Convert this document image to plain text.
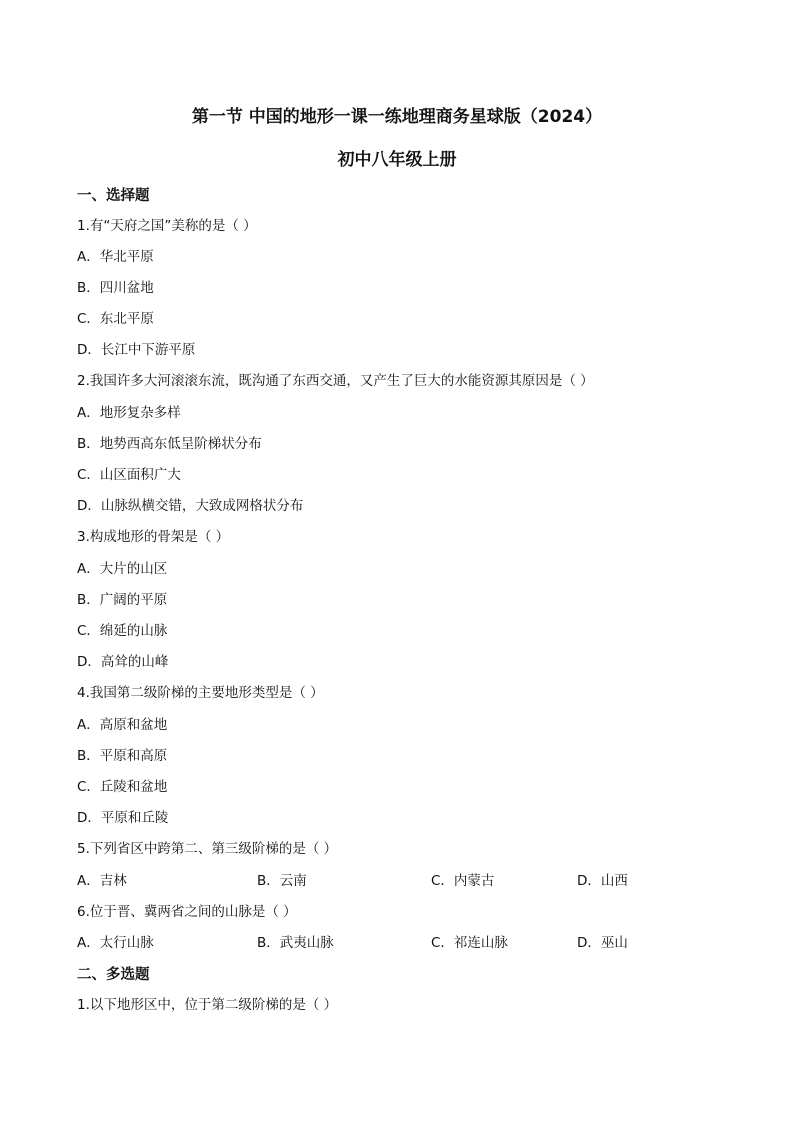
第一节 中国的地形一课一练地理商务星球版（2024）
初中八年级上册
一、选择题
1.有“天府之国”美称的是（ ）
A．华北平原
B．四川盆地
C．东北平原
D．长江中下游平原
2.我国许多大河滚滚东流，既沟通了东西交通，又产生了巨大的水能资源其原因是（ ）
A．地形复杂多样
B．地势西高东低呈阶梯状分布
C．山区面积广大
D．山脉纵横交错，大致成网格状分布
3.构成地形的骨架是（ ）
A．大片的山区
B．广阔的平原
C．绵延的山脉
D．高耸的山峰
4.我国第二级阶梯的主要地形类型是（ ）
A．高原和盆地
B．平原和高原
C．丘陵和盆地
D．平原和丘陵
5.下列省区中跨第二、第三级阶梯的是（ ）
A．吉林	B．云南	C．内蒙古	D．山西
6.位于晋、冀两省之间的山脉是（ ）
A．太行山脉	B．武夷山脉	C．祁连山脉	D．巫山
二、多选题
1.以下地形区中，位于第二级阶梯的是（ ）
